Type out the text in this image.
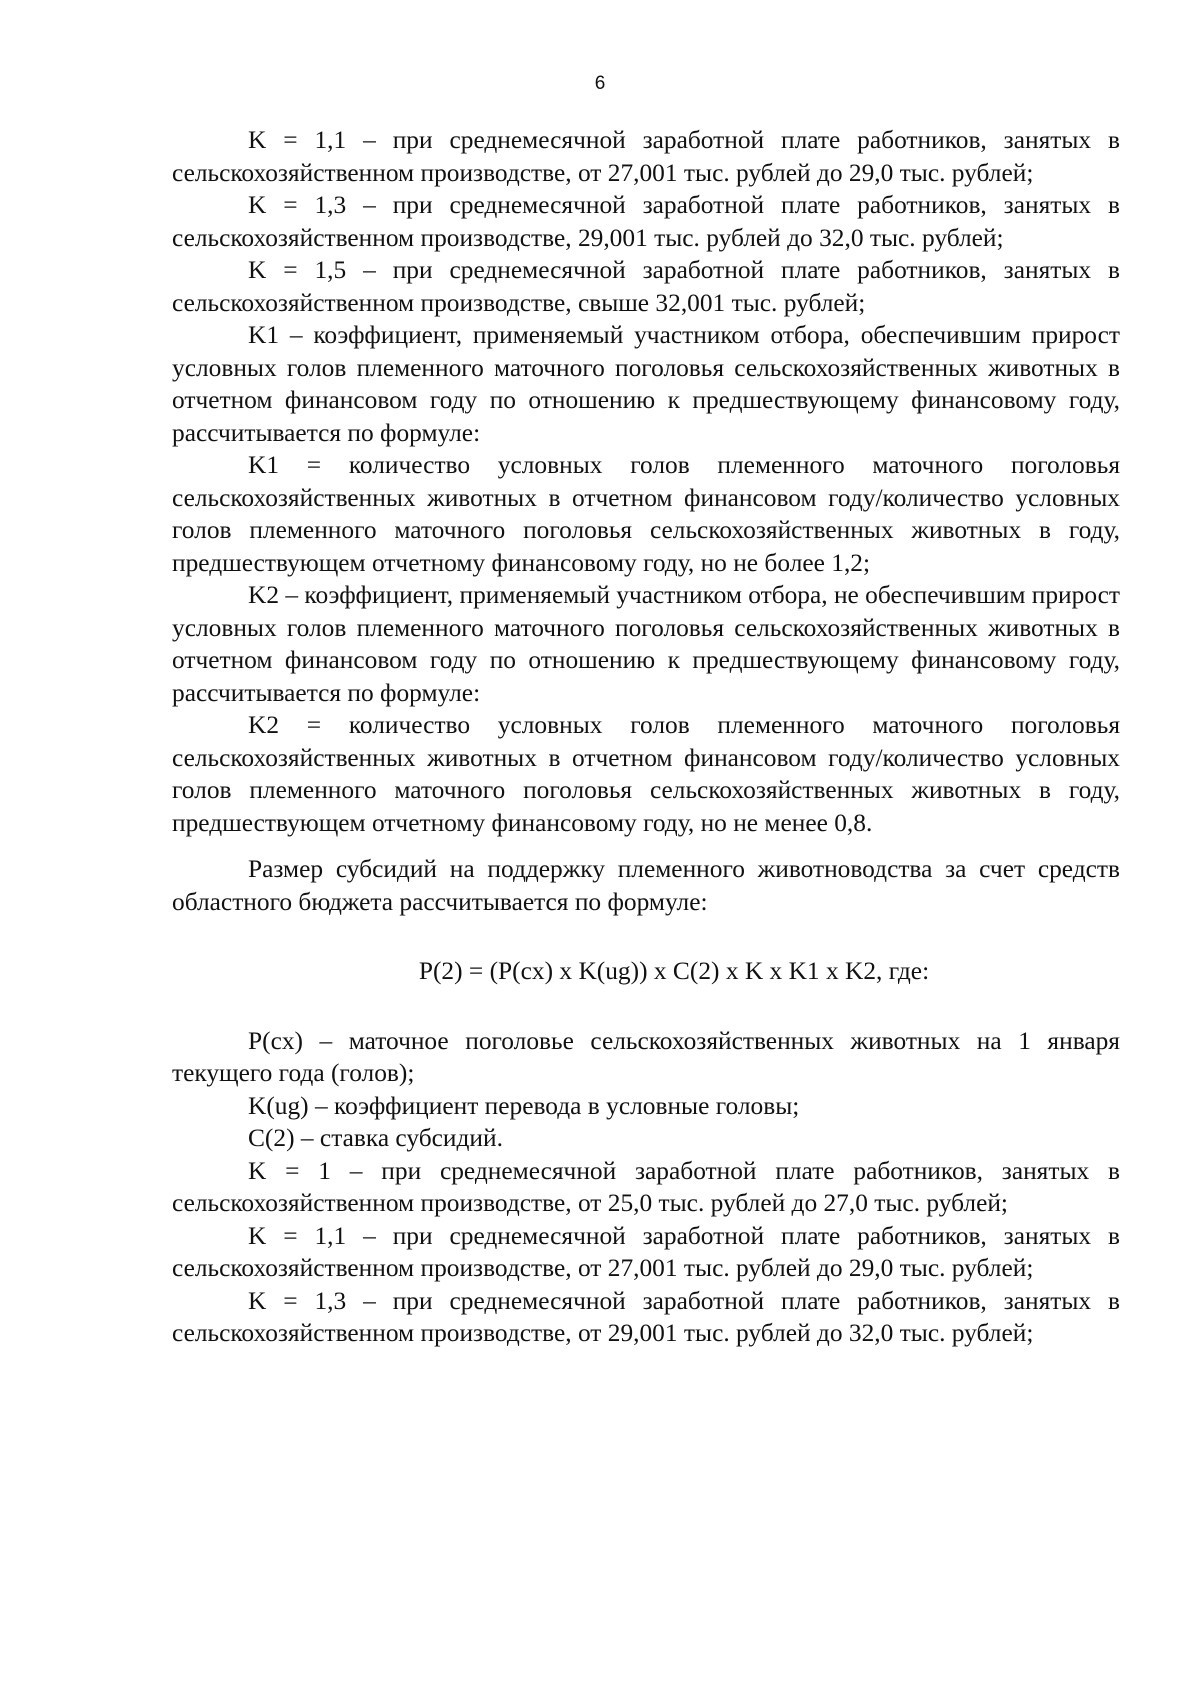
6

K = 1,1 – при среднемесячной заработной плате работников, занятых в сельскохозяйственном производстве, от 27,001 тыс. рублей до 29,0 тыс. рублей;

K = 1,3 – при среднемесячной заработной плате работников, занятых в сельскохозяйственном производстве, 29,001 тыс. рублей до 32,0 тыс. рублей;

K = 1,5 – при среднемесячной заработной плате работников, занятых в сельскохозяйственном производстве, свыше 32,001 тыс. рублей;

K1 – коэффициент, применяемый участником отбора, обеспечившим прирост условных голов племенного маточного поголовья сельскохозяйственных животных в отчетном финансовом году по отношению к предшествующему финансовому году, рассчитывается по формуле:

K1 = количество условных голов племенного маточного поголовья сельскохозяйственных животных в отчетном финансовом году/количество условных голов племенного маточного поголовья сельскохозяйственных животных в году, предшествующем отчетному финансовому году, но не более 1,2;

K2 – коэффициент, применяемый участником отбора, не обеспечившим прирост условных голов племенного маточного поголовья сельскохозяйственных животных в отчетном финансовом году по отношению к предшествующему финансовому году, рассчитывается по формуле:

K2 = количество условных голов племенного маточного поголовья сельскохозяйственных животных в отчетном финансовом году/количество условных голов племенного маточного поголовья сельскохозяйственных животных в году, предшествующем отчетному финансовому году, но не менее 0,8.

Размер субсидий на поддержку племенного животноводства за счет средств областного бюджета рассчитывается по формуле:

P(2) = (P(cx) x K(ug)) x C(2) x K x K1 x K2, где:

P(cx) – маточное поголовье сельскохозяйственных животных на 1 января текущего года (голов);

K(ug) – коэффициент перевода в условные головы;

C(2) – ставка субсидий.

K = 1 – при среднемесячной заработной плате работников, занятых в сельскохозяйственном производстве, от 25,0 тыс. рублей до 27,0 тыс. рублей;

K = 1,1 – при среднемесячной заработной плате работников, занятых в сельскохозяйственном производстве, от 27,001 тыс. рублей до 29,0 тыс. рублей;

K = 1,3 – при среднемесячной заработной плате работников, занятых в сельскохозяйственном производстве, от 29,001 тыс. рублей до 32,0 тыс. рублей;
